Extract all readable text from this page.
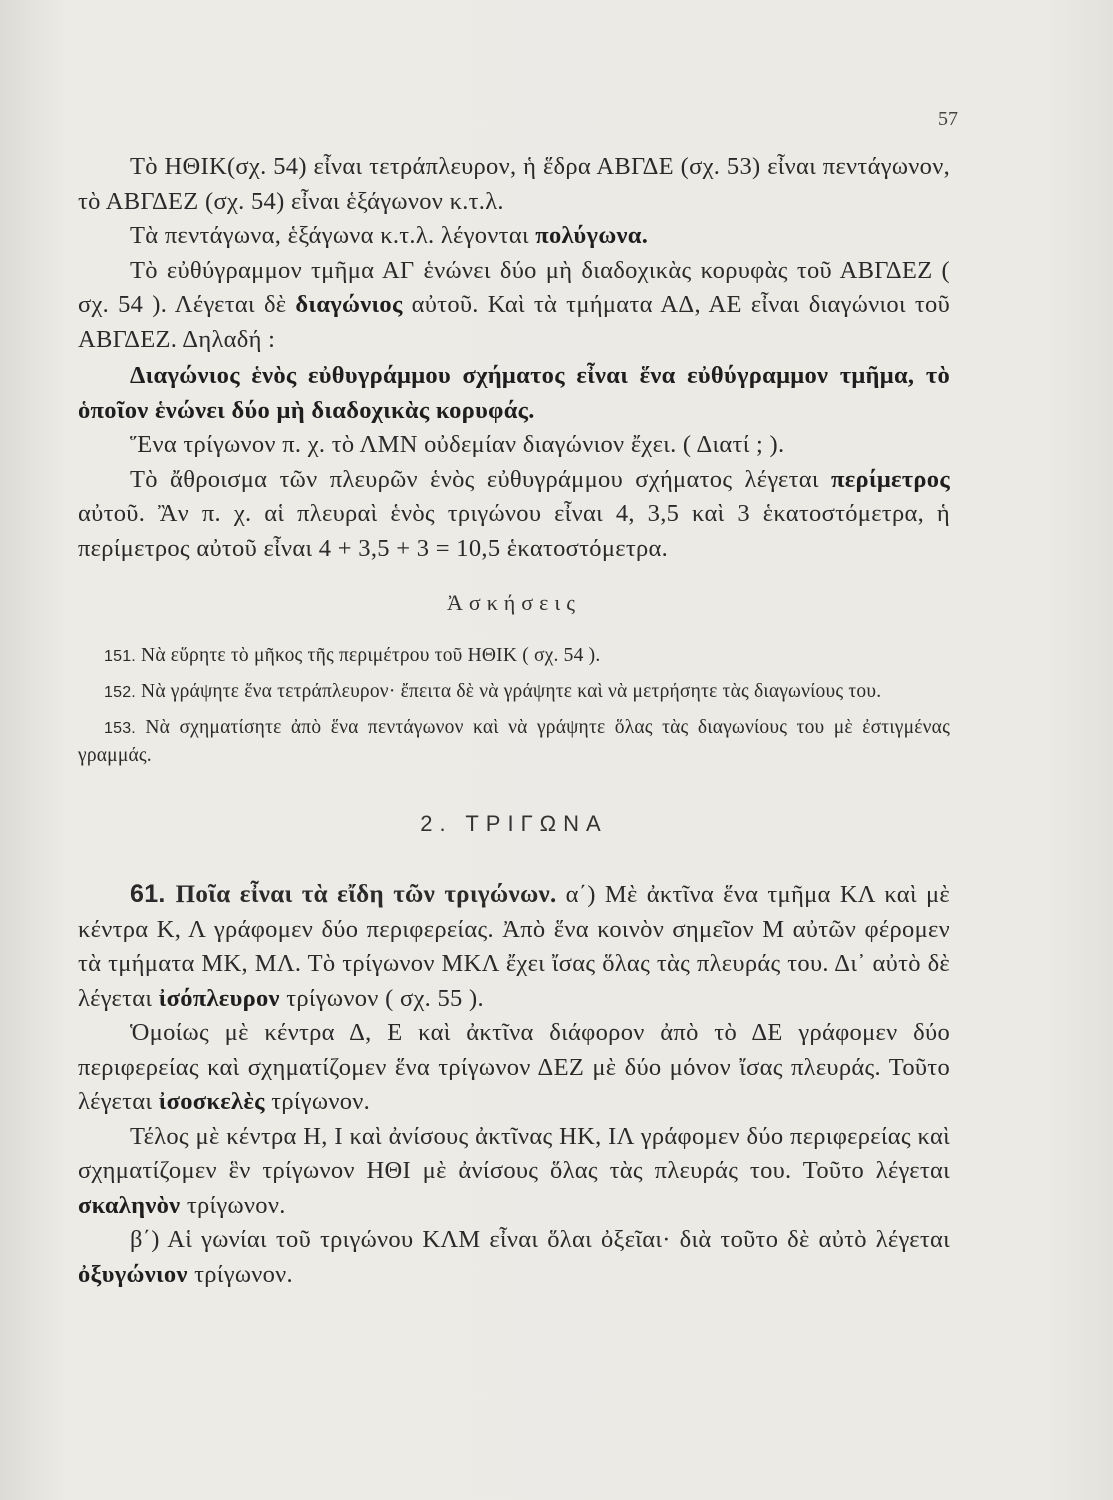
57

Τὸ ΗΘΙΚ(σχ. 54) εἶναι τετράπλευρον, ἡ ἕδρα ΑΒΓΔΕ (σχ. 53) εἶναι πεντάγωνον, τὸ ΑΒΓΔΕΖ (σχ. 54) εἶναι ἑξάγωνον κ.τ.λ.

Τὰ πεντάγωνα, ἑξάγωνα κ.τ.λ. λέγονται πολύγωνα.

Τὸ εὐθύγραμμον τμῆμα ΑΓ ἑνώνει δύο μὴ διαδοχικὰς κορυφὰς τοῦ ΑΒΓΔΕΖ ( σχ. 54 ). Λέγεται δὲ διαγώνιος αὐτοῦ. Καὶ τὰ τμήματα ΑΔ, ΑΕ εἶναι διαγώνιοι τοῦ ΑΒΓΔΕΖ. Δηλαδή :

Διαγώνιος ἑνὸς εὐθυγράμμου σχήματος εἶναι ἕνα εὐθύγραμμον τμῆμα, τὸ ὁποῖον ἑνώνει δύο μὴ διαδοχικὰς κορυφάς.

Ἕνα τρίγωνον π. χ. τὸ ΛΜΝ οὐδεμίαν διαγώνιον ἔχει. ( Διατί ; ).

Τὸ ἄθροισμα τῶν πλευρῶν ἑνὸς εὐθυγράμμου σχήματος λέγεται περίμετρος αὐτοῦ. Ἂν π. χ. αἱ πλευραὶ ἑνὸς τριγώνου εἶναι 4, 3,5 καὶ 3 ἑκατοστόμετρα, ἡ περίμετρος αὐτοῦ εἶναι 4 + 3,5 + 3 = 10,5 ἑκατοστόμετρα.

Ἀσκήσεις

151. Νὰ εὕρητε τὸ μῆκος τῆς περιμέτρου τοῦ ΗΘΙΚ ( σχ. 54 ).

152. Νὰ γράψητε ἕνα τετράπλευρον· ἔπειτα δὲ νὰ γράψητε καὶ νὰ μετρήσητε τὰς διαγωνίους του.

153. Νὰ σχηματίσητε ἀπὸ ἕνα πεντάγωνον καὶ νὰ γράψητε ὅλας τὰς διαγωνίους του μὲ ἐστιγμένας γραμμάς.

2. ΤΡΙΓΩΝΑ

61. Ποῖα εἶναι τὰ εἴδη τῶν τριγώνων. α΄) Μὲ ἀκτῖνα ἕνα τμῆμα ΚΛ καὶ μὲ κέντρα Κ, Λ γράφομεν δύο περιφερείας. Ἀπὸ ἕνα κοινὸν σημεῖον Μ αὐτῶν φέρομεν τὰ τμήματα ΜΚ, ΜΛ. Τὸ τρίγωνον ΜΚΛ ἔχει ἴσας ὅλας τὰς πλευράς του. Δι᾽ αὐτὸ δὲ λέγεται ἰσόπλευρον τρίγωνον ( σχ. 55 ).

Ὁμοίως μὲ κέντρα Δ, Ε καὶ ἀκτῖνα διάφορον ἀπὸ τὸ ΔΕ γράφομεν δύο περιφερείας καὶ σχηματίζομεν ἕνα τρίγωνον ΔΕΖ μὲ δύο μόνον ἴσας πλευράς. Τοῦτο λέγεται ἰσοσκελὲς τρίγωνον.

Τέλος μὲ κέντρα Η, Ι καὶ ἀνίσους ἀκτῖνας ΗΚ, ΙΛ γράφομεν δύο περιφερείας καὶ σχηματίζομεν ἓν τρίγωνον ΗΘΙ μὲ ἀνίσους ὅλας τὰς πλευράς του. Τοῦτο λέγεται σκαληνὸν τρίγωνον.

β΄) Αἱ γωνίαι τοῦ τριγώνου ΚΛΜ εἶναι ὅλαι ὀξεῖαι· διὰ τοῦτο δὲ αὐτὸ λέγεται ὀξυγώνιον τρίγωνον.
